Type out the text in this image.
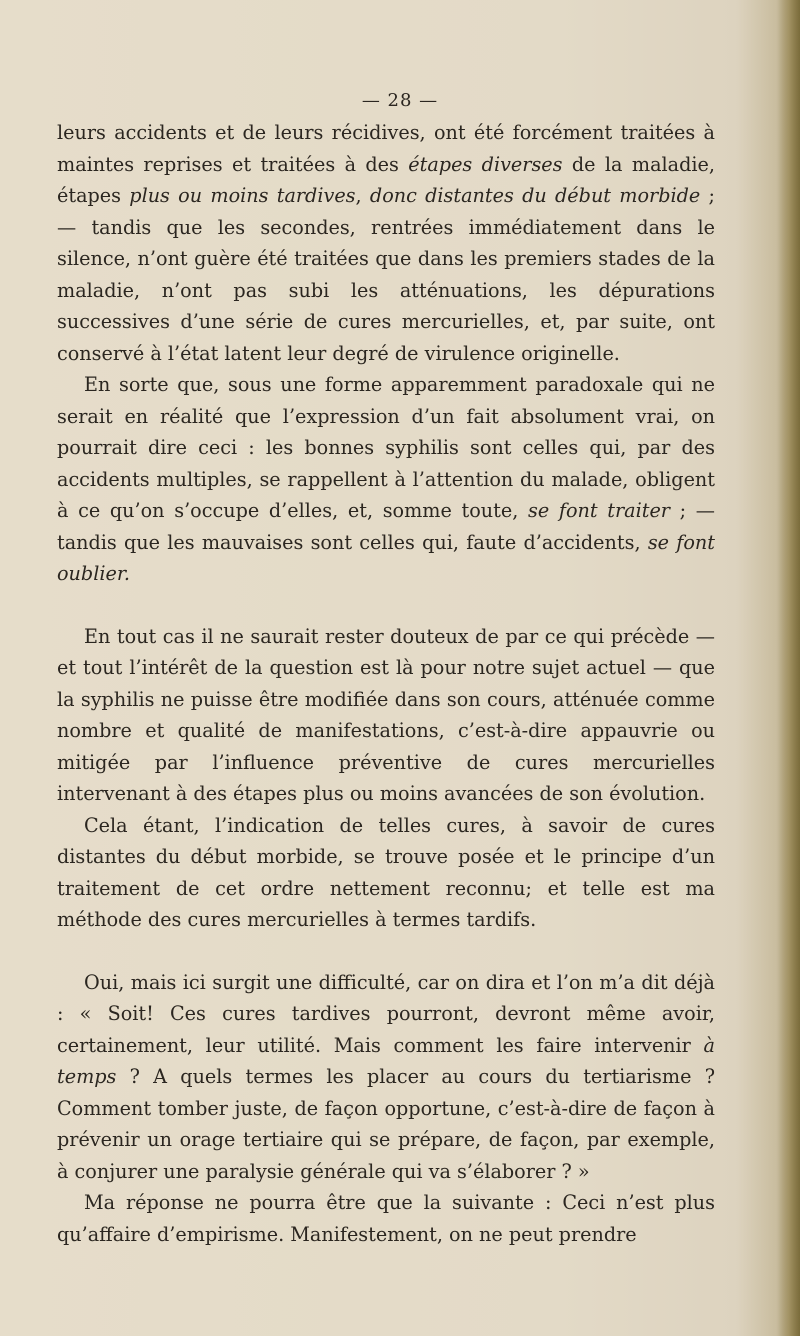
— 28 —

leurs accidents et de leurs récidives, ont été forcément traitées à maintes reprises et traitées à des étapes diverses de la maladie, étapes plus ou moins tardives, donc distantes du début morbide ; — tandis que les secondes, rentrées immédiatement dans le silence, n’ont guère été traitées que dans les premiers stades de la maladie, n’ont pas subi les atténuations, les dépurations successives d’une série de cures mercurielles, et, par suite, ont conservé à l’état latent leur degré de virulence originelle.

En sorte que, sous une forme apparemment paradoxale qui ne serait en réalité que l’expression d’un fait absolument vrai, on pourrait dire ceci : les bonnes syphilis sont celles qui, par des accidents multiples, se rappellent à l’attention du malade, obligent à ce qu’on s’occupe d’elles, et, somme toute, se font traiter ; — tandis que les mauvaises sont celles qui, faute d’accidents, se font oublier.

En tout cas il ne saurait rester douteux de par ce qui précède — et tout l’intérêt de la question est là pour notre sujet actuel — que la syphilis ne puisse être modifiée dans son cours, atténuée comme nombre et qualité de manifestations, c’est-à-dire appauvrie ou mitigée par l’influence préventive de cures mercurielles intervenant à des étapes plus ou moins avancées de son évolution.

Cela étant, l’indication de telles cures, à savoir de cures distantes du début morbide, se trouve posée et le principe d’un traitement de cet ordre nettement reconnu; et telle est ma méthode des cures mercurielles à termes tardifs.

Oui, mais ici surgit une difficulté, car on dira et l’on m’a dit déjà : « Soit! Ces cures tardives pourront, devront même avoir, certainement, leur utilité. Mais comment les faire intervenir à temps ? A quels termes les placer au cours du tertiarisme ? Comment tomber juste, de façon opportune, c’est-à-dire de façon à prévenir un orage tertiaire qui se prépare, de façon, par exemple, à conjurer une paralysie générale qui va s’élaborer ? »

Ma réponse ne pourra être que la suivante : Ceci n’est plus qu’affaire d’empirisme. Manifestement, on ne peut prendre
